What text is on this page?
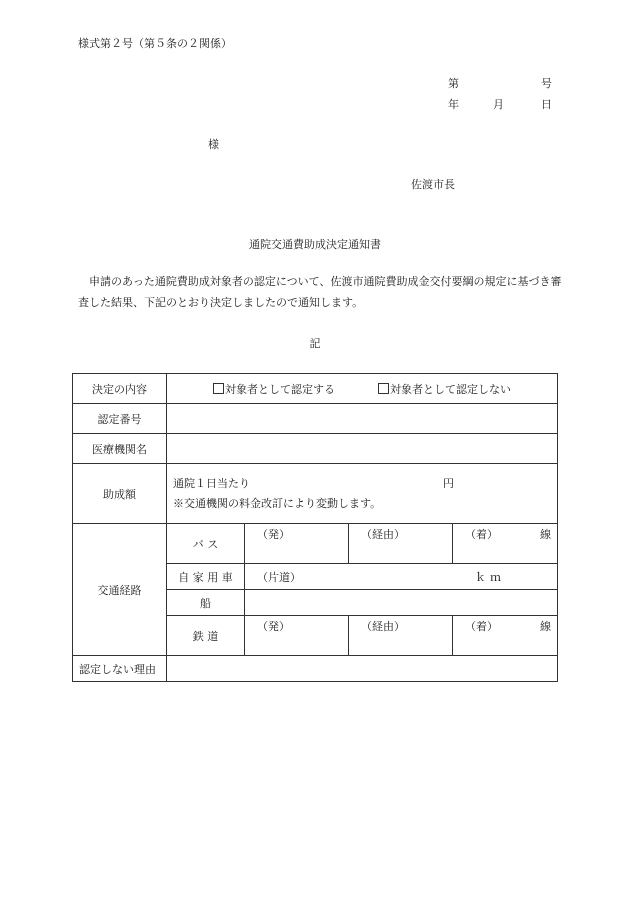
様式第２号（第５条の２関係）
第	号
年	月	日
様
佐渡市長
通院交通費助成決定通知書
申請のあった通院費助成対象者の認定について、佐渡市通院費助成金交付要綱の規定に基づき審査した結果、下記のとおり決定しましたので通知します。
記
決定の内容	対象者として認定する 対象者として認定しない			
認定番号				
医療機関名				
助成額	通院１日当たり 円
※交通機関の料金改訂により変動します。			

交通経路	バ ス	（発）	（経由）	（着） 線

	自 家 用 車	（片道） ｋｍ		

	船			
	鉄 道	（発）	（経由）	（着） 線

認定しない理由				
